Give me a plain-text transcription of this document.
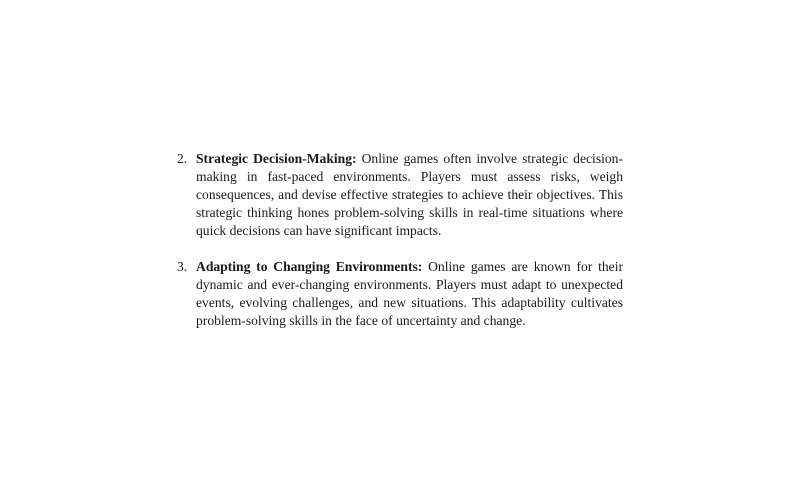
2. Strategic Decision-Making: Online games often involve strategic decision-making in fast-paced environments. Players must assess risks, weigh consequences, and devise effective strategies to achieve their objectives. This strategic thinking hones problem-solving skills in real-time situations where quick decisions can have significant impacts.
3. Adapting to Changing Environments: Online games are known for their dynamic and ever-changing environments. Players must adapt to unexpected events, evolving challenges, and new situations. This adaptability cultivates problem-solving skills in the face of uncertainty and change.
